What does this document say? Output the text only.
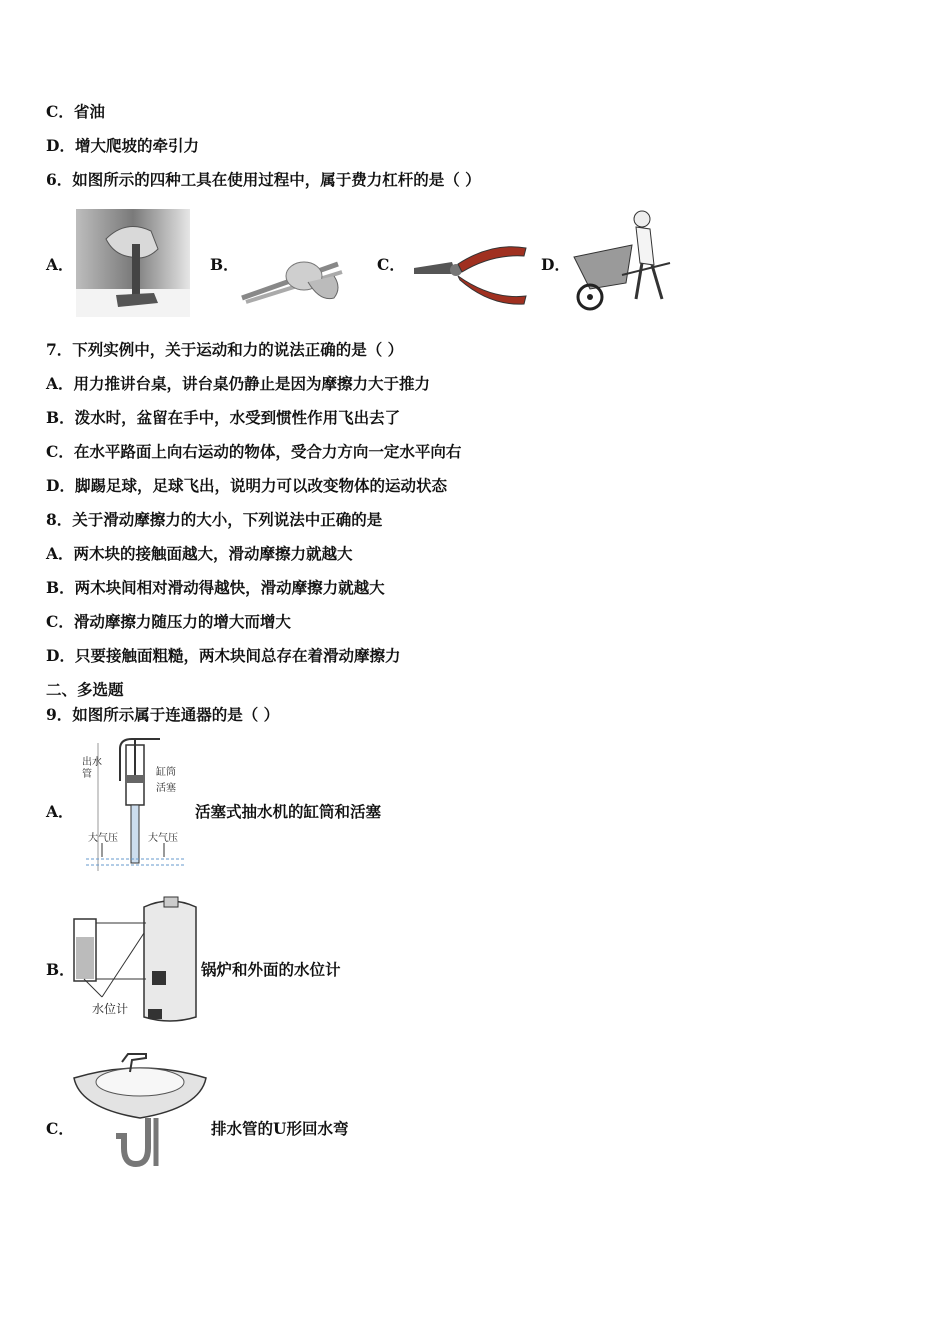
C．省油
D．增大爬坡的牵引力
6．如图所示的四种工具在使用过程中，属于费力杠杆的是（ ）
A．	B．	C．	D．
7．下列实例中，关于运动和力的说法正确的是（ ）
A．用力推讲台桌，讲台桌仍静止是因为摩擦力大于推力
B．泼水时，盆留在手中，水受到惯性作用飞出去了
C．在水平路面上向右运动的物体，受合力方向一定水平向右
D．脚踢足球，足球飞出，说明力可以改变物体的运动状态
8．关于滑动摩擦力的大小，下列说法中正确的是
A．两木块的接触面越大，滑动摩擦力就越大
B．两木块间相对滑动得越快，滑动摩擦力就越大
C．滑动摩擦力随压力的增大而增大
D．只要接触面粗糙，两木块间总存在着滑动摩擦力
二、多选题
9．如图所示属于连通器的是（ ）
A．
出水
管	缸筒
活塞
大气压	大气压
活塞式抽水机的缸筒和活塞
B．
水位计
锅炉和外面的水位计
C．	排水管的U形回水弯
